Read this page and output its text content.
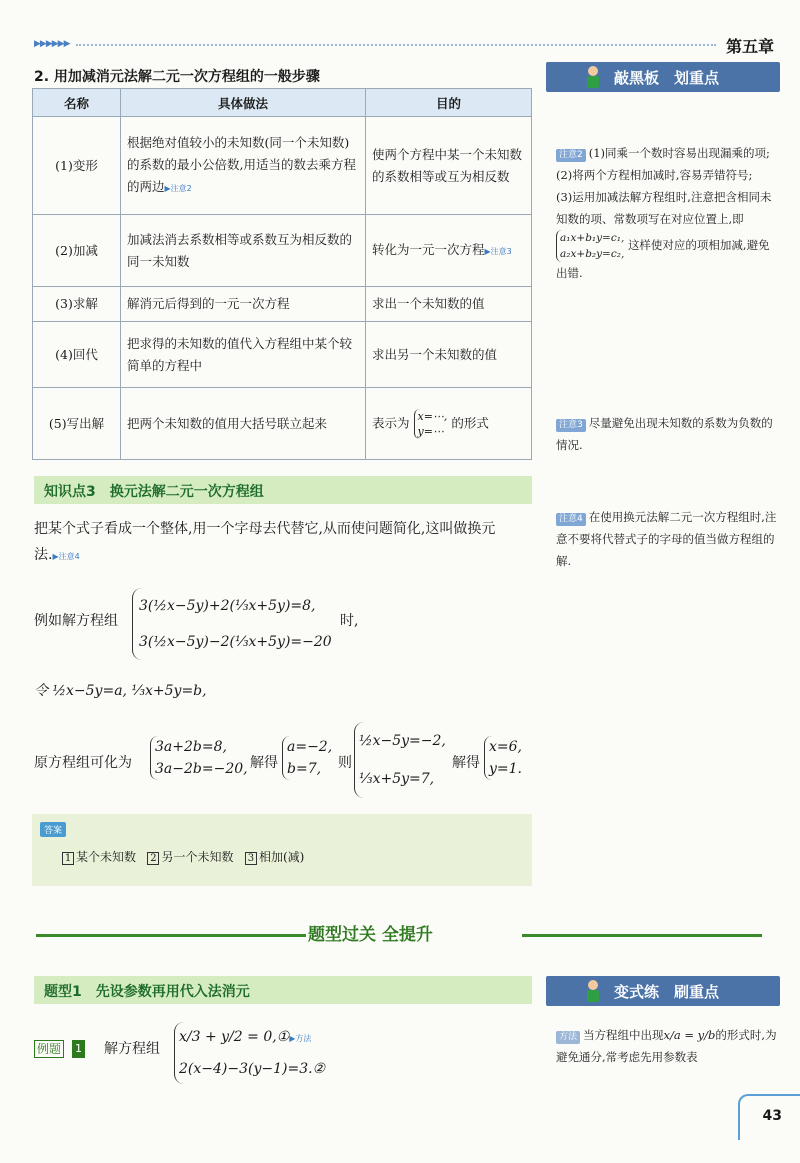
▶▶▶▶▶▶	第五章
2. 用加减消元法解二元一次方程组的一般步骤
名称	具体做法	目的
(1)变形	根据绝对值较小的未知数(同一个未知数)的系数的最小公倍数,用适当的数去乘方程的两边▶注意2	使两个方程中某一个未知数的系数相等或互为相反数
(2)加减	加减法消去系数相等或系数互为相反数的同一未知数	转化为一元一次方程▶注意3
(3)求解	解消元后得到的一元一次方程	求出一个未知数的值
(4)回代	把求得的未知数的值代入方程组中某个较简单的方程中	求出另一个未知数的值
(5)写出解	把两个未知数的值用大括号联立起来	表示为 x=⋯,
y=⋯ 的形式
知识点3　换元法解二元一次方程组
把某个式子看成一个整体,用一个字母去代替它,从而使问题简化,这叫做换元法.▶注意4
例如解方程组
3(½x−5y)+2(⅓x+5y)=8,
3(½x−5y)−2(⅓x+5y)=−20
时,
令 ½x−5y=a, ⅓x+5y=b,
原方程组可化为
3a+2b=8,
3a−2b=−20, 解得
a=−2,
b=7,	则
½x−5y=−2,
⅓x+5y=7,
解得
x=6,
y=1.
答案
1 某个未知数 2 另一个未知数 3 相加(减)
题型过关 全提升
题型1　先设参数再用代入法消元
例题 1 解方程组
x/3 + y/2 = 0,①▶方法
2(x−4)−3(y−1)=3.②
敲黑板　划重点
注意2 (1)同乘一个数时容易出现漏乘的项;
(2)将两个方程相加减时,容易弄错符号;
(3)运用加减法解方程组时,注意把含相同未知数的项、常数项写在对应位置上,即 a₁x+b₁y=c₁,
a₂x+b₂y=c₂, 这样使对应的项相加减,避免出错.
注意3 尽量避免出现未知数的系数为负数的情况.
注意4 在使用换元法解二元一次方程组时,注意不要将代替式子的字母的值当做方程组的解.
变式练　刷重点
方法 当方程组中出现x/a = y/b的形式时,为避免通分,常考虑先用参数表
43
